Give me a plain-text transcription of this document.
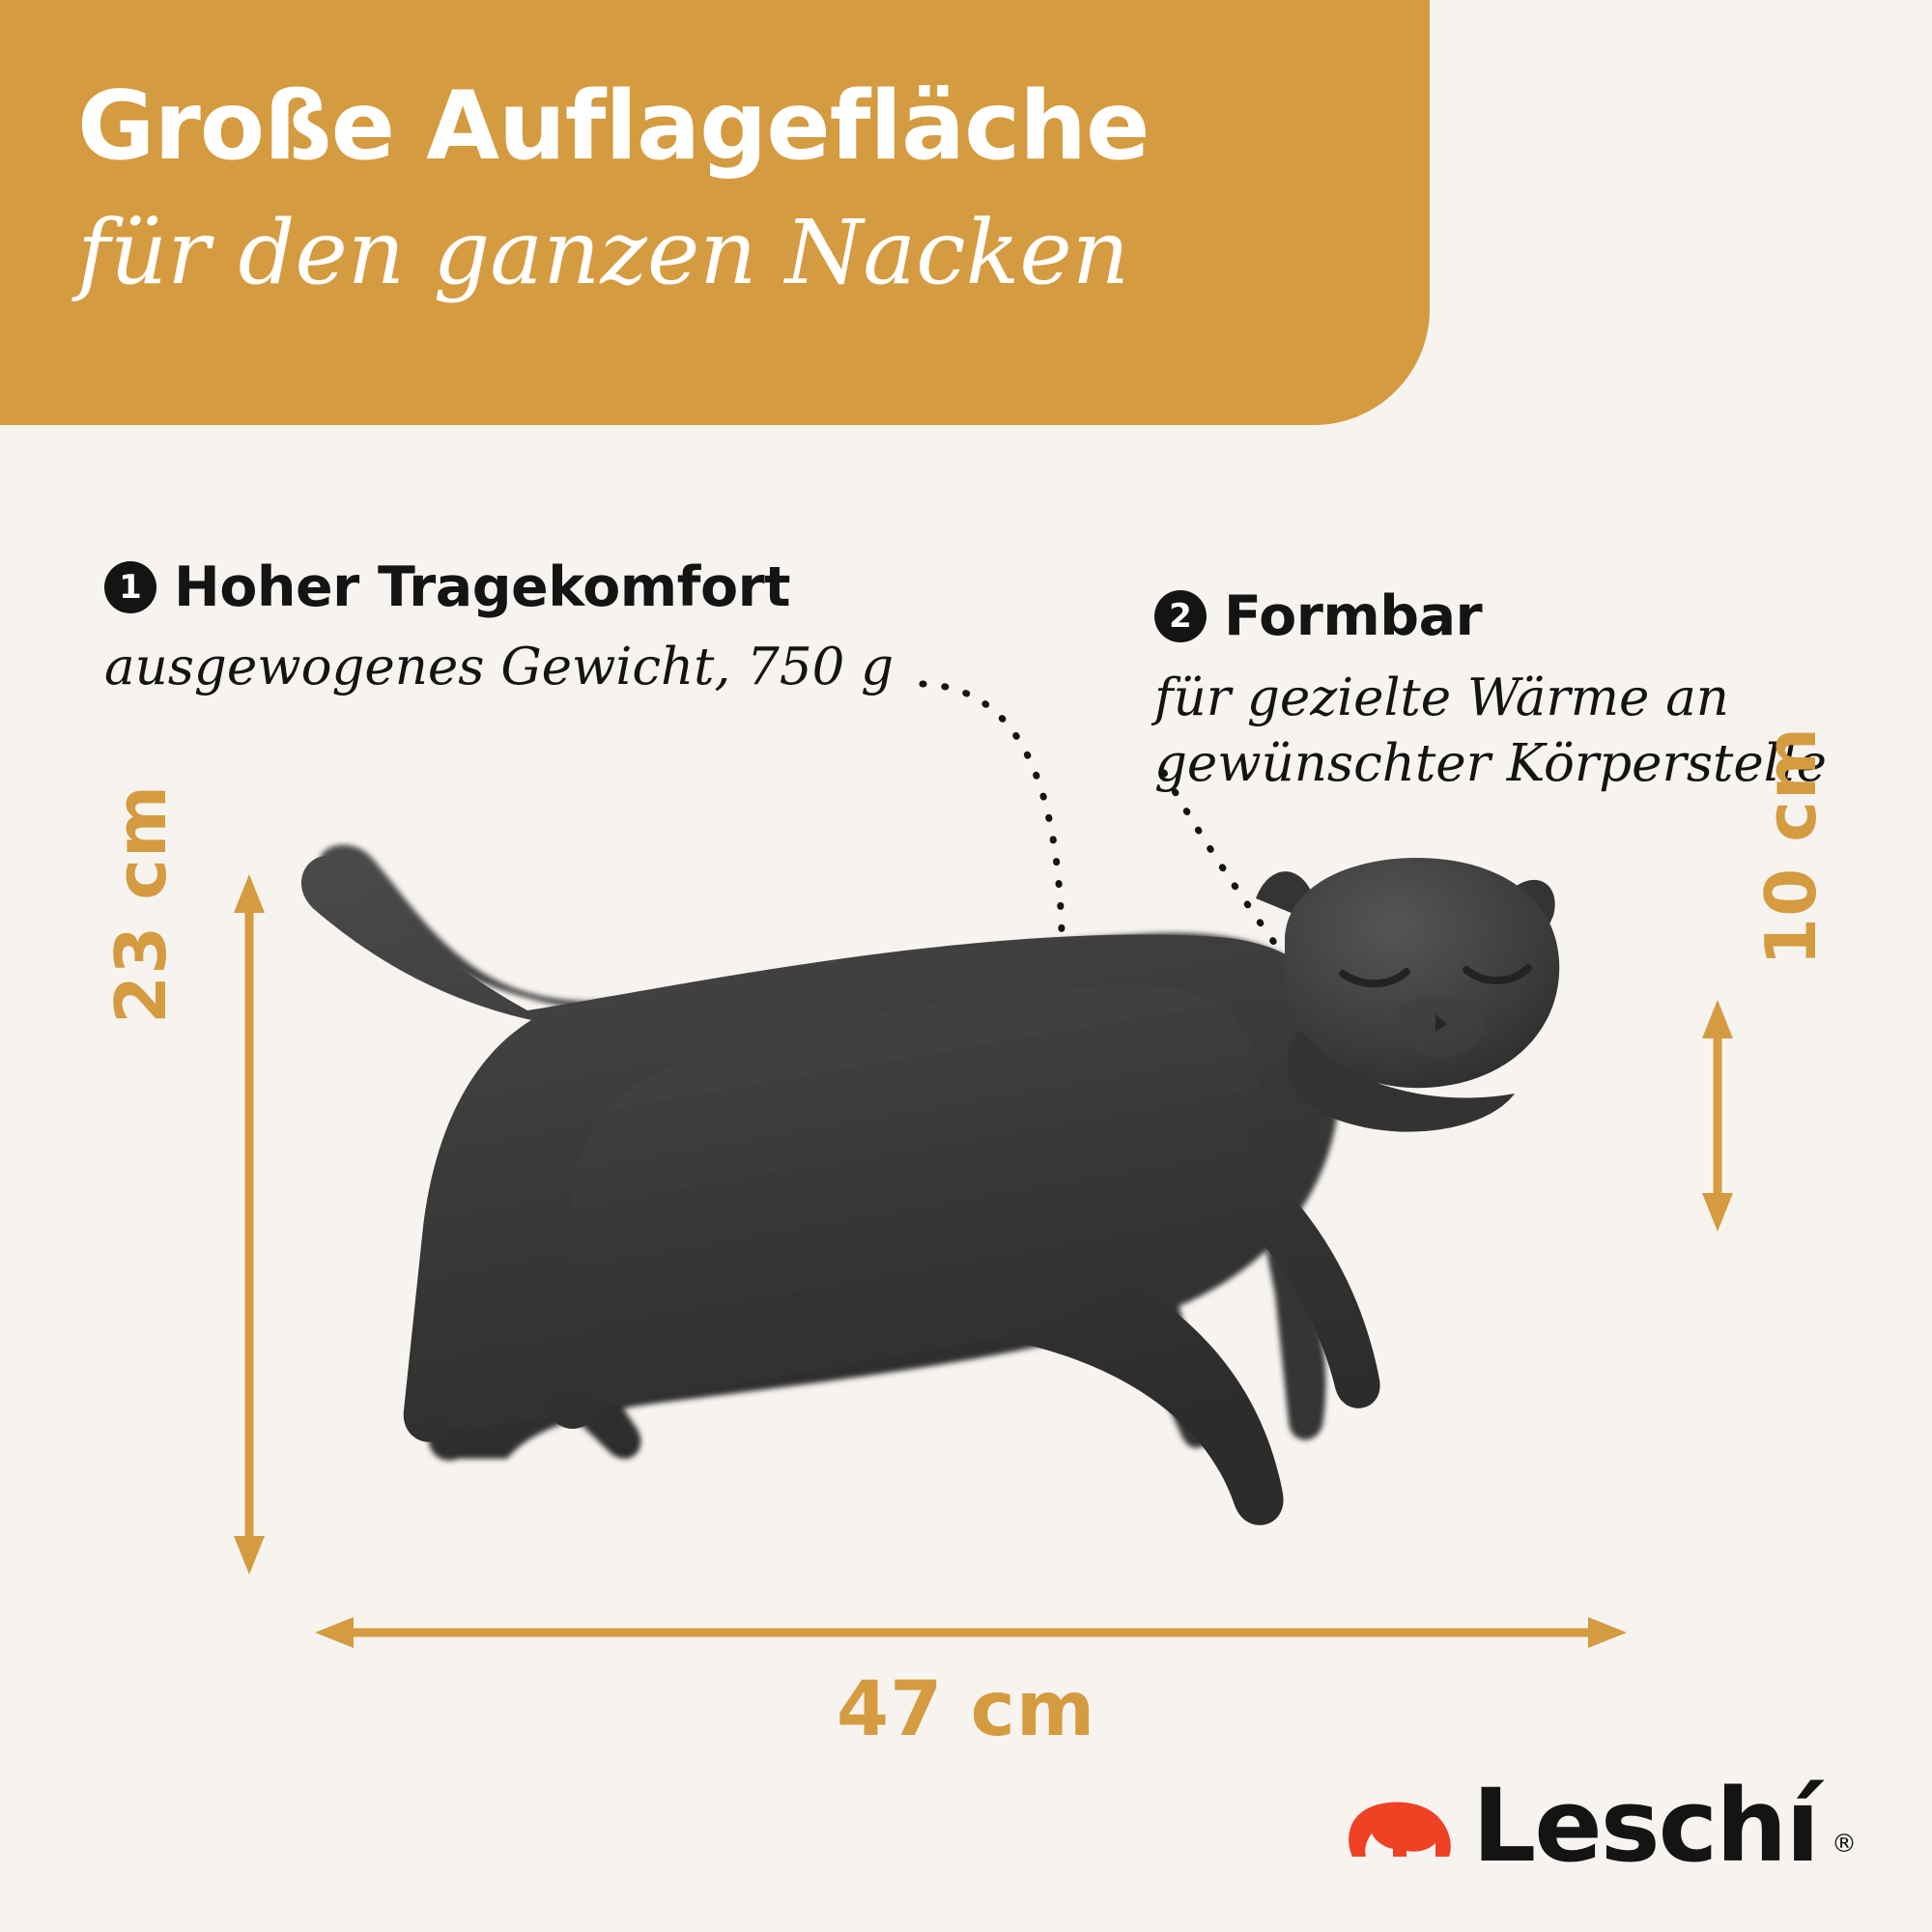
Große Auflagefläche
für den ganzen Nacken
1 Hoher Tragekomfort
ausgewogenes Gewicht, 750 g
2 Formbar
für gezielte Wärme an gewünschter Körperstelle
23 cm	10 cm
47 cm
Leschí ®
